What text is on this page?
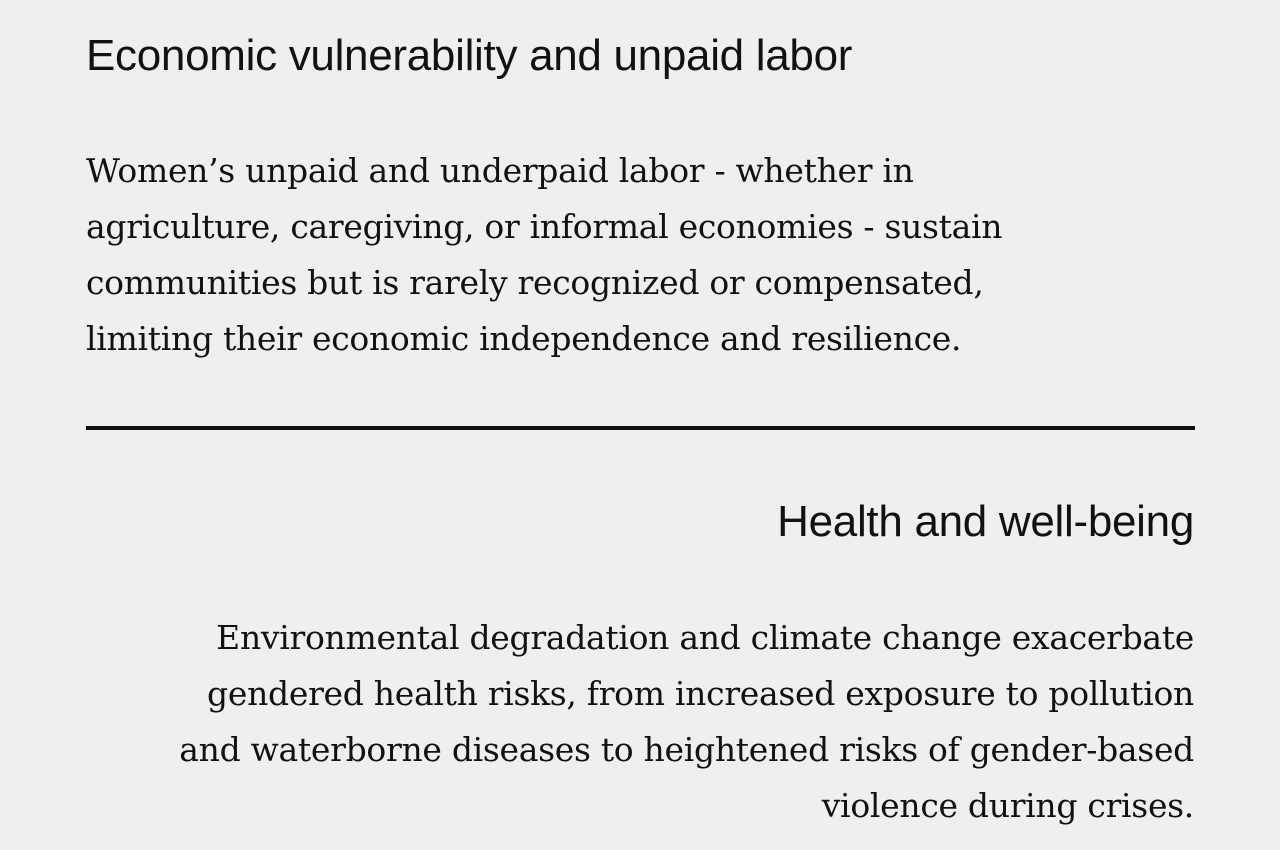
Economic vulnerability and unpaid labor

Women’s unpaid and underpaid labor - whether in
agriculture, caregiving, or informal economies - sustain
communities but is rarely recognized or compensated,
limiting their economic independence and resilience.

Health and well-being

Environmental degradation and climate change exacerbate
gendered health risks, from increased exposure to pollution
and waterborne diseases to heightened risks of gender-based
violence during crises.
